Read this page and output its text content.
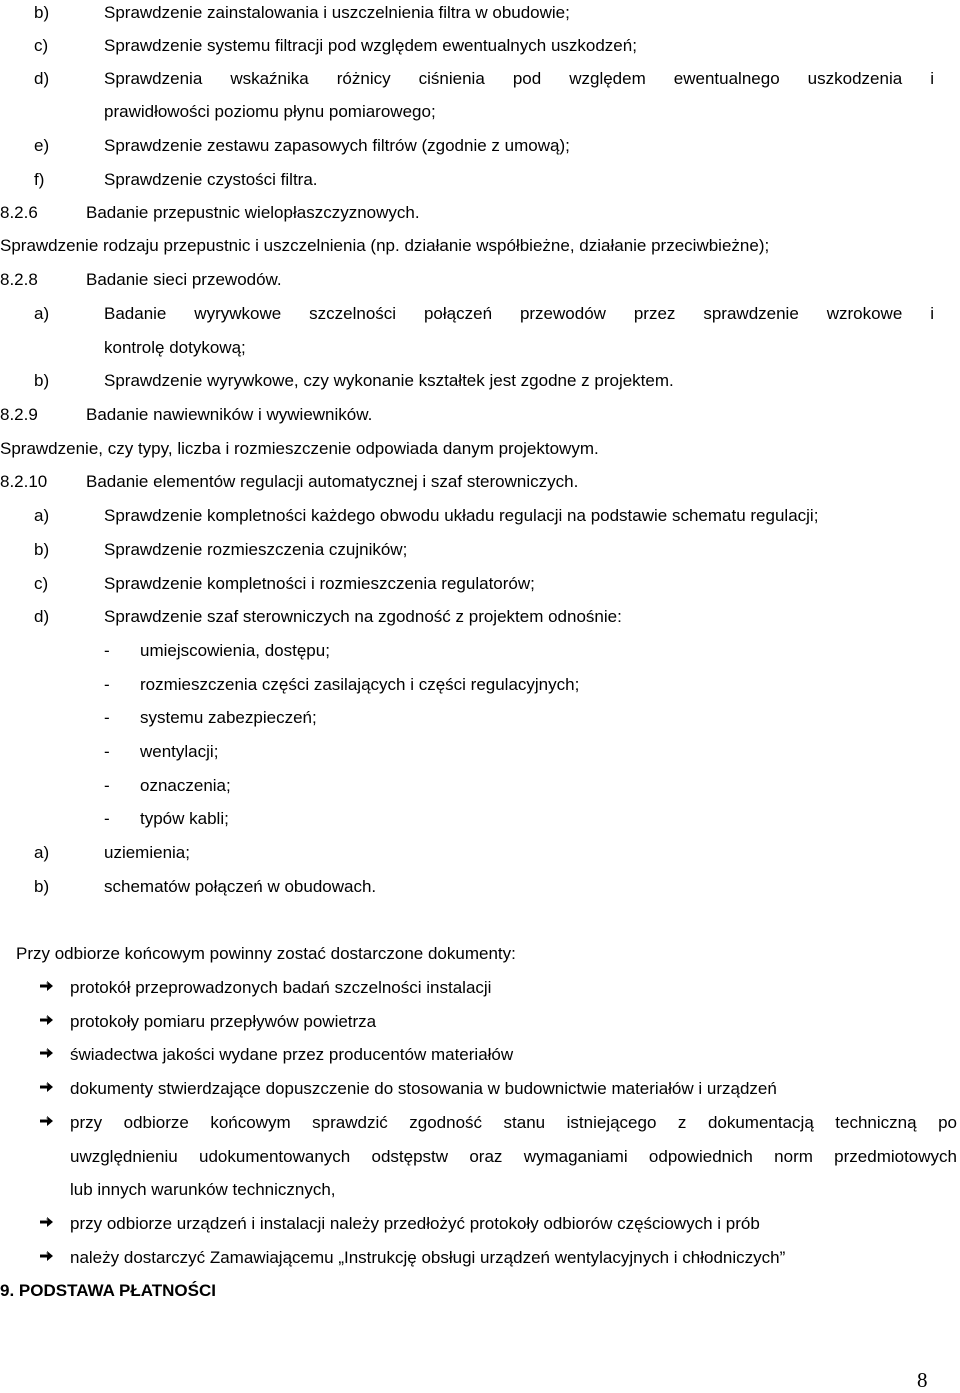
b)	Sprawdzenie zainstalowania i uszczelnienia filtra w obudowie;
c)	Sprawdzenie systemu filtracji pod względem ewentualnych uszkodzeń;
d)	Sprawdzenia wskaźnika różnicy ciśnienia pod względem ewentualnego uszkodzenia i
prawidłowości poziomu płynu pomiarowego;
e)	Sprawdzenie zestawu zapasowych filtrów (zgodnie z umową);
f)	Sprawdzenie czystości filtra.
8.2.6	Badanie przepustnic wielopłaszczyznowych.
Sprawdzenie rodzaju przepustnic i uszczelnienia (np. działanie współbieżne, działanie przeciwbieżne);
8.2.8	Badanie sieci przewodów.
a)	Badanie wyrywkowe szczelności połączeń przewodów przez sprawdzenie wzrokowe i
kontrolę dotykową;
b)	Sprawdzenie wyrywkowe, czy wykonanie kształtek jest zgodne z projektem.
8.2.9	Badanie nawiewników i wywiewników.
Sprawdzenie, czy typy, liczba i rozmieszczenie odpowiada danym projektowym.
8.2.10 Badanie elementów regulacji automatycznej i szaf sterowniczych.
a)	Sprawdzenie kompletności każdego obwodu układu regulacji na podstawie schematu regulacji;
b)	Sprawdzenie rozmieszczenia czujników;
c)	Sprawdzenie kompletności i rozmieszczenia regulatorów;
d)	Sprawdzenie szaf sterowniczych na zgodność z projektem odnośnie:
- umiejscowienia, dostępu;
- rozmieszczenia części zasilających i części regulacyjnych;
- systemu zabezpieczeń;
- wentylacji;
- oznaczenia;
- typów kabli;
a)	uziemienia;
b)	schematów połączeń w obudowach.
Przy odbiorze końcowym powinny zostać dostarczone dokumenty:
protokół przeprowadzonych badań szczelności instalacji
protokoły pomiaru przepływów powietrza
świadectwa jakości wydane przez producentów materiałów
dokumenty stwierdzające dopuszczenie do stosowania w budownictwie materiałów i urządzeń
przy odbiorze końcowym sprawdzić zgodność stanu istniejącego z dokumentacją techniczną po
uwzględnieniu udokumentowanych odstępstw oraz wymaganiami odpowiednich norm przedmiotowych
lub innych warunków technicznych,
przy odbiorze urządzeń i instalacji należy przedłożyć protokoły odbiorów częściowych i prób
należy dostarczyć Zamawiającemu „Instrukcję obsługi urządzeń wentylacyjnych i chłodniczych”
9. PODSTAWA PŁATNOŚCI
8
